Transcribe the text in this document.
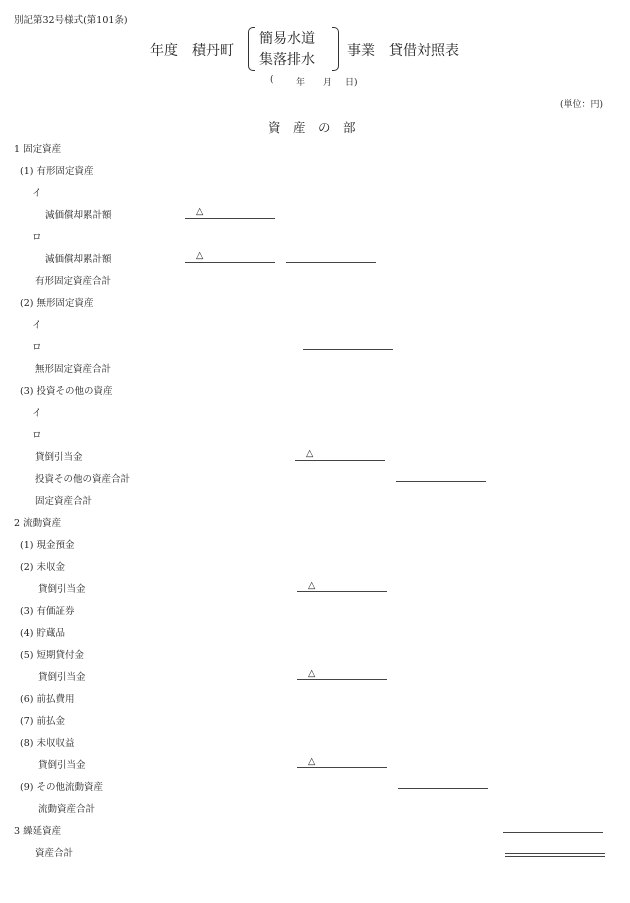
別記第32号様式(第101条)
年度 積丹町
簡易水道
集落排水
事業 貸借対照表
( 年 月 日)
(単位：円)
資　産　の　部
1 固定資産
(1) 有形固定資産
イ
減価償却累計額
ロ
減価償却累計額
有形固定資産合計
(2) 無形固定資産
イ
ロ
無形固定資産合計
(3) 投資その他の資産
イ
ロ
貸倒引当金
投資その他の資産合計
固定資産合計
2 流動資産
(1) 現金預金
(2) 未収金
貸倒引当金
(3) 有価証券
(4) 貯蔵品
(5) 短期貸付金
貸倒引当金
(6) 前払費用
(7) 前払金
(8) 未収収益
貸倒引当金
(9) その他流動資産
流動資産合計
3 繰延資産
資産合計
△
△
△
△
△
△
